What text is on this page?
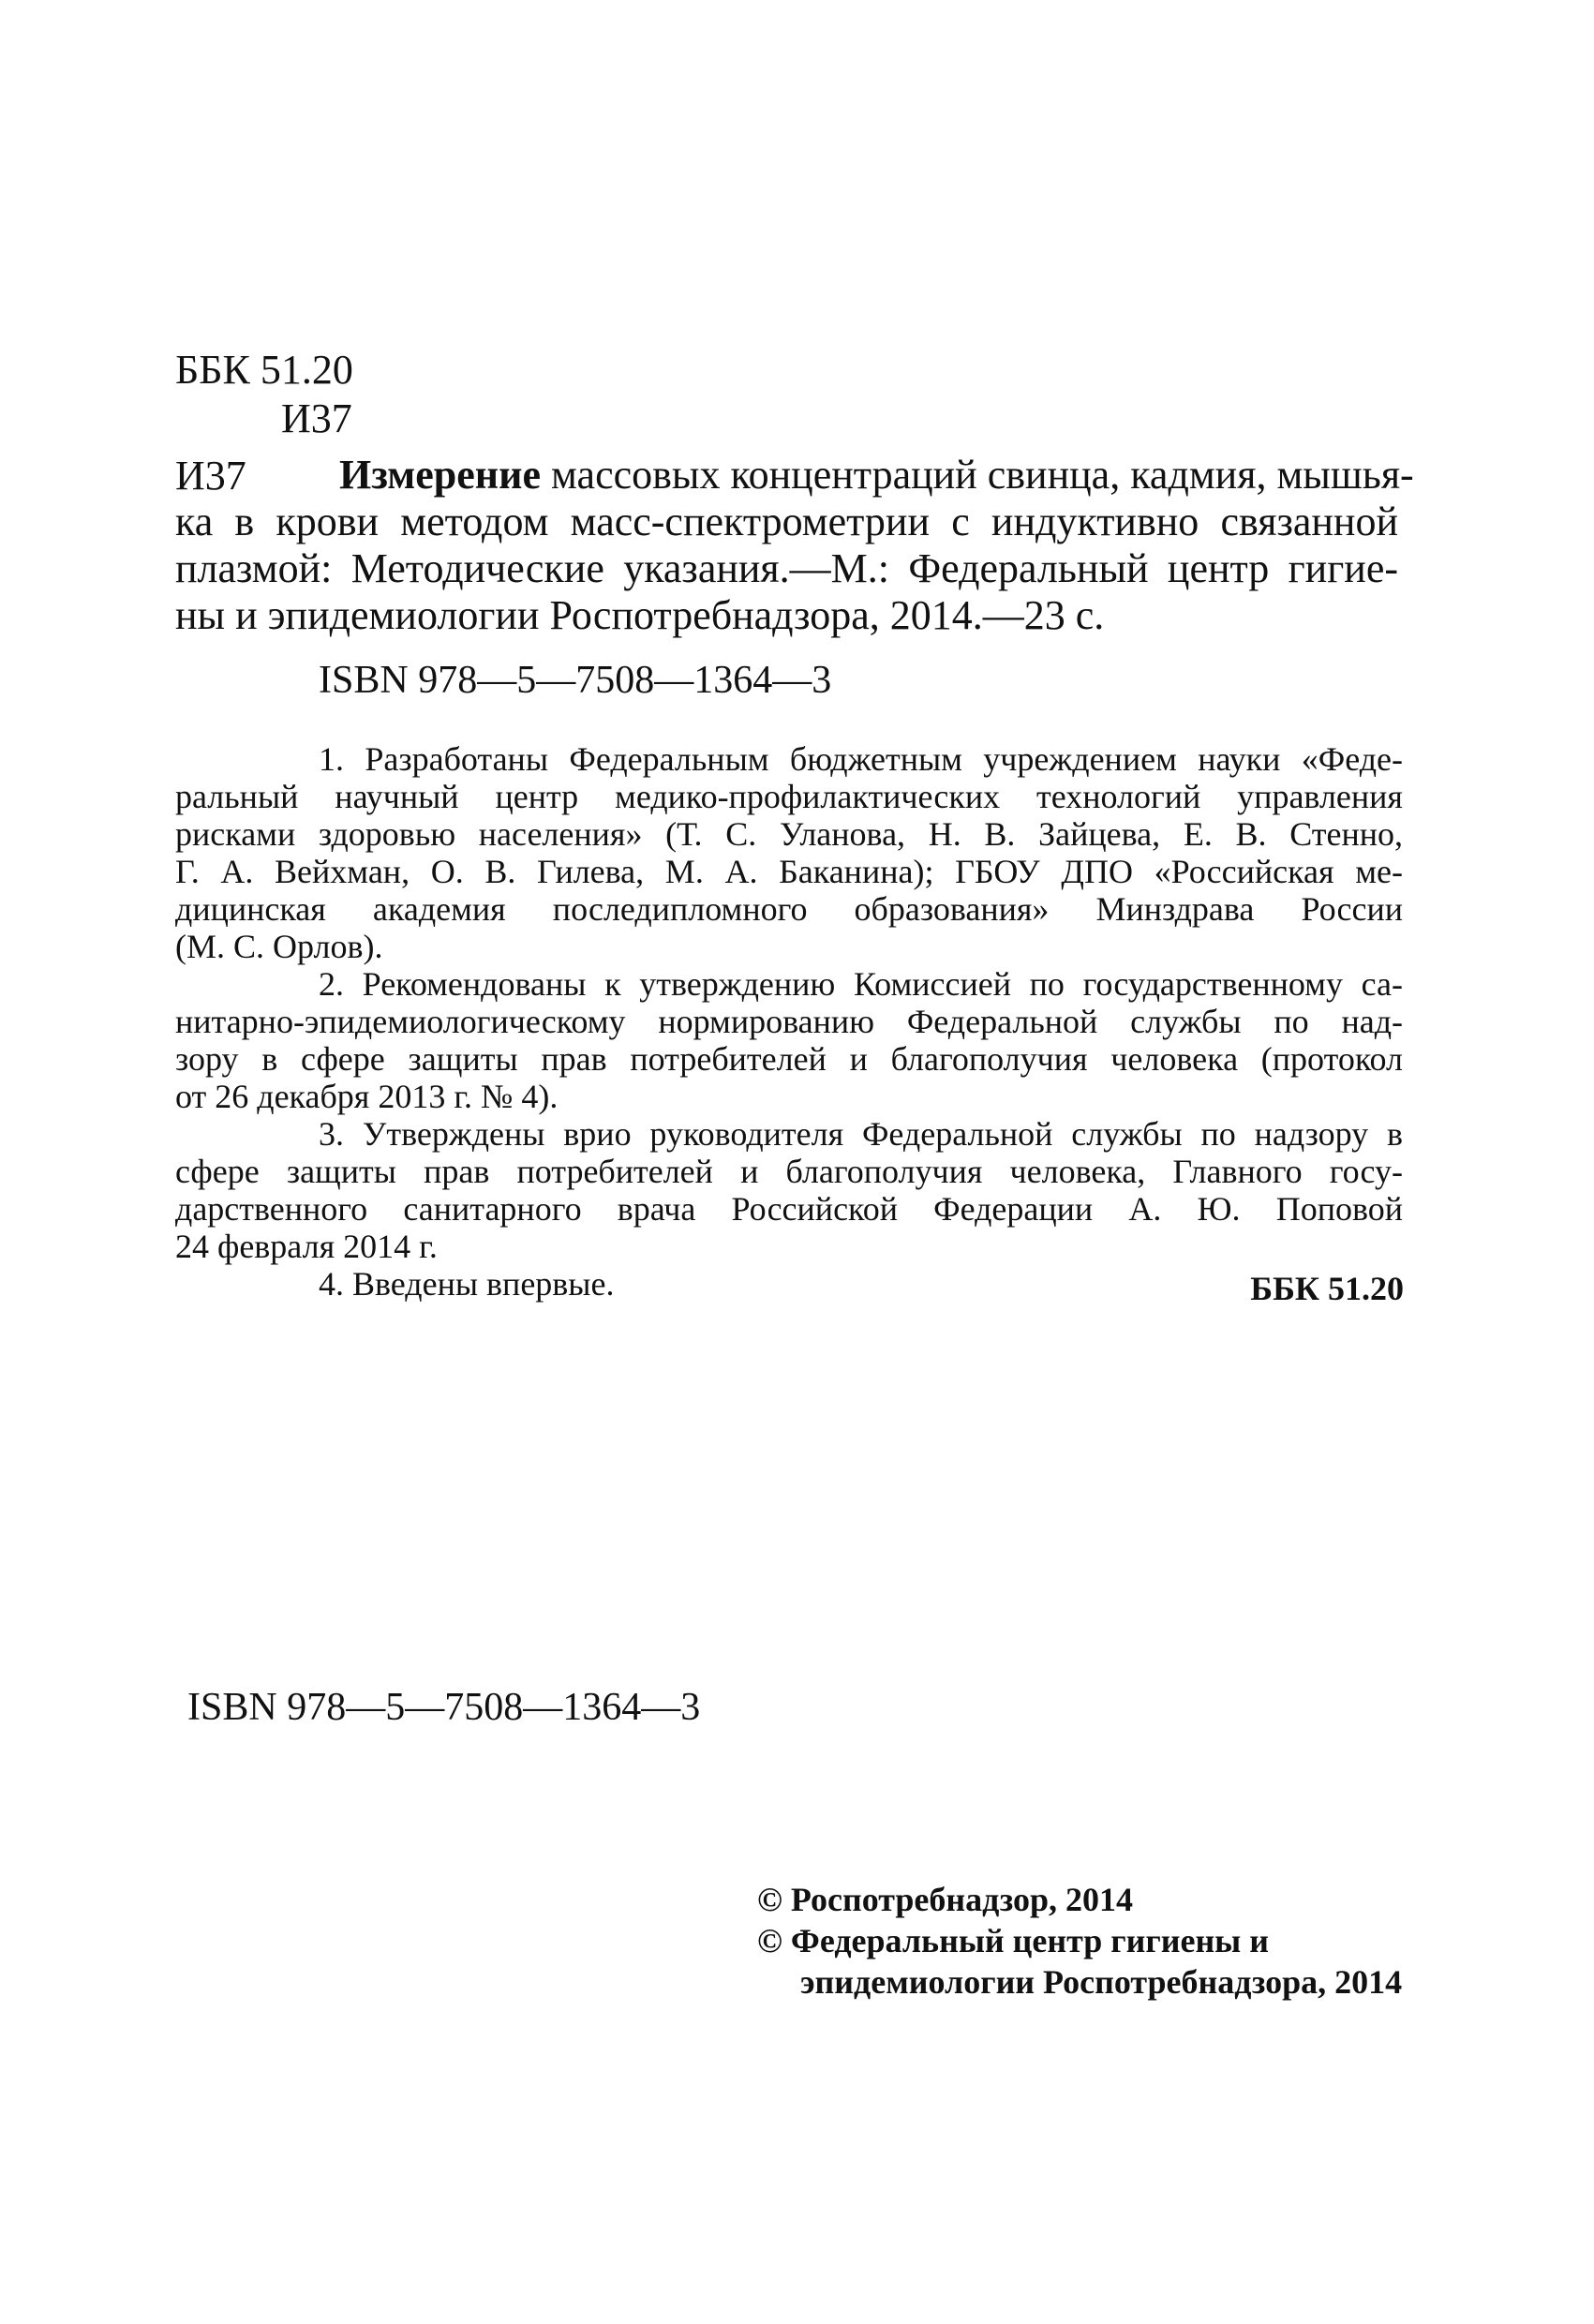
ББК 51.20
И37
И37	Измерение массовых концентраций свинца, кадмия, мышья-
ка в крови методом масс-спектрометрии с индуктивно связанной
плазмой: Методические указания.—М.: Федеральный центр гигие-
ны и эпидемиологии Роспотребнадзора, 2014.—23 с.
ISBN 978—5—7508—1364—3
1. Разработаны Федеральным бюджетным учреждением науки «Феде-
ральный научный центр медико-профилактических технологий управления
рисками здоровью населения» (Т. С. Уланова, Н. В. Зайцева, Е. В. Стенно,
Г. А. Вейхман, О. В. Гилева, М. А. Баканина); ГБОУ ДПО «Российская ме-
дицинская академия последипломного образования» Минздрава России
(М. С. Орлов).
2. Рекомендованы к утверждению Комиссией по государственному са-
нитарно-эпидемиологическому нормированию Федеральной службы по над-
зору в сфере защиты прав потребителей и благополучия человека (протокол
от 26 декабря 2013 г. № 4).
3. Утверждены врио руководителя Федеральной службы по надзору в
сфере защиты прав потребителей и благополучия человека, Главного госу-
дарственного санитарного врача Российской Федерации А. Ю. Поповой
24 февраля 2014 г.
4. Введены впервые.	ББК 51.20
ISBN 978—5—7508—1364—3
© Роспотребнадзор, 2014
© Федеральный центр гигиены и
эпидемиологии Роспотребнадзора, 2014
